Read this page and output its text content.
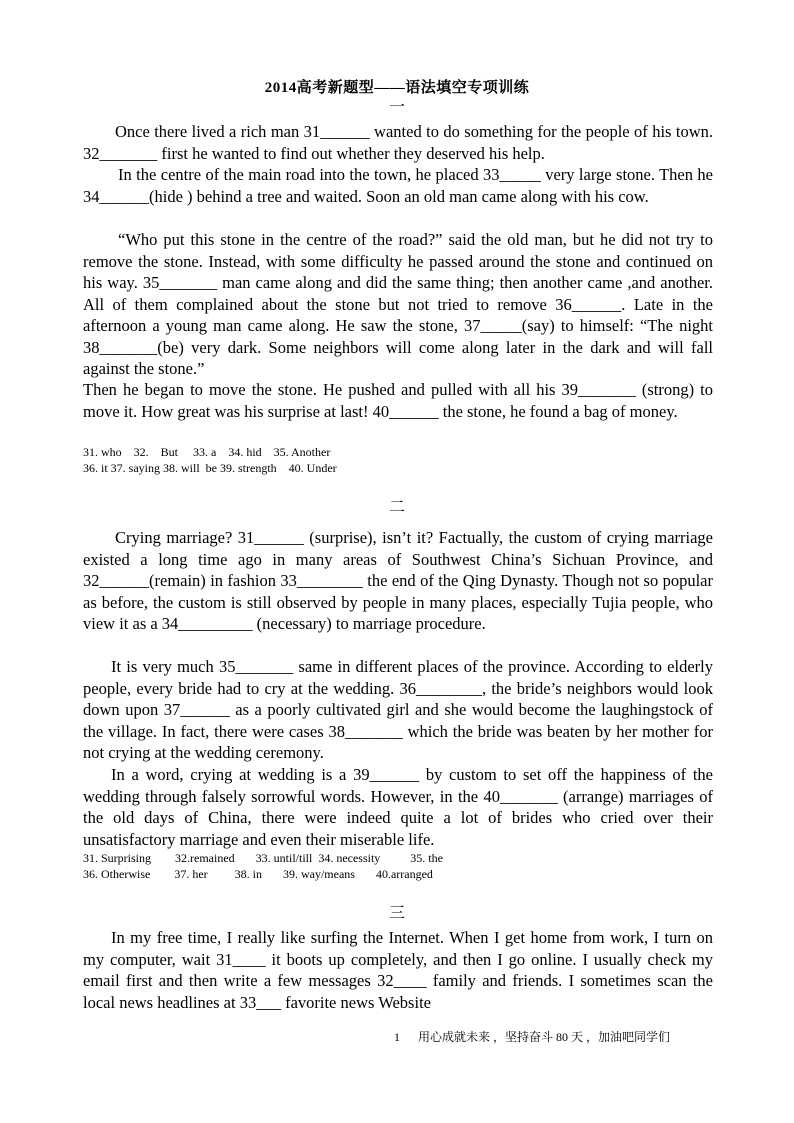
2014高考新题型——语法填空专项训练
一

Once there lived a rich man 31______ wanted to do something for the people of his town. 32_______ first he wanted to find out whether they deserved his help.

In the centre of the main road into the town, he placed 33_____ very large stone. Then he 34______(hide ) behind a tree and waited. Soon an old man came along with his cow.

“Who put this stone in the centre of the road?” said the old man, but he did not try to remove the stone. Instead, with some difficulty he passed around the stone and continued on his way. 35_______ man came along and did the same thing; then another came ,and another. All of them complained about the stone but not tried to remove 36______. Late in the afternoon a young man came along. He saw the stone, 37_____(say) to himself: “The night 38_______(be) very dark. Some neighbors will come along later in the dark and will fall against the stone.”

Then he began to move the stone. He pushed and pulled with all his 39_______ (strong) to move it. How great was his surprise at last! 40______ the stone, he found a bag of money.

31. who    32.    But     33. a    34. hid    35. Another
36. it 37. saying 38. will  be 39. strength    40. Under
二

Crying marriage? 31______ (surprise), isn’t it? Factually, the custom of crying marriage existed a long time ago in many areas of Southwest China’s Sichuan Province, and 32______(remain) in fashion 33________ the end of the Qing Dynasty. Though not so popular as before, the custom is still observed by people in many places, especially Tujia people, who view it as a 34_________ (necessary) to marriage procedure.

It is very much 35_______ same in different places of the province. According to elderly people, every bride had to cry at the wedding. 36________, the bride’s neighbors would look down upon 37______ as a poorly cultivated girl and she would become the laughingstock of the village. In fact, there were cases 38_______ which the bride was beaten by her mother for not crying at the wedding ceremony.

In a word, crying at wedding is a 39______ by custom to set off the happiness of the wedding through falsely sorrowful words. However, in the 40_______ (arrange) marriages of the old days of China, there were indeed quite a lot of brides who cried over their unsatisfactory marriage and even their miserable life.

31. Surprising        32.remained       33. until/till  34. necessity          35. the
36. Otherwise        37. her         38. in       39. way/means       40.arranged
三

In my free time, I really like surfing the Internet. When I get home from work, I turn on my computer, wait 31____ it boots up completely, and then I go online. I usually check my email first and then write a few messages 32____ family and friends. I sometimes scan the local news headlines at 33___ favorite news Website

1      用心成就未来 ，坚持奋斗 80 天 ，加油吧同学们
